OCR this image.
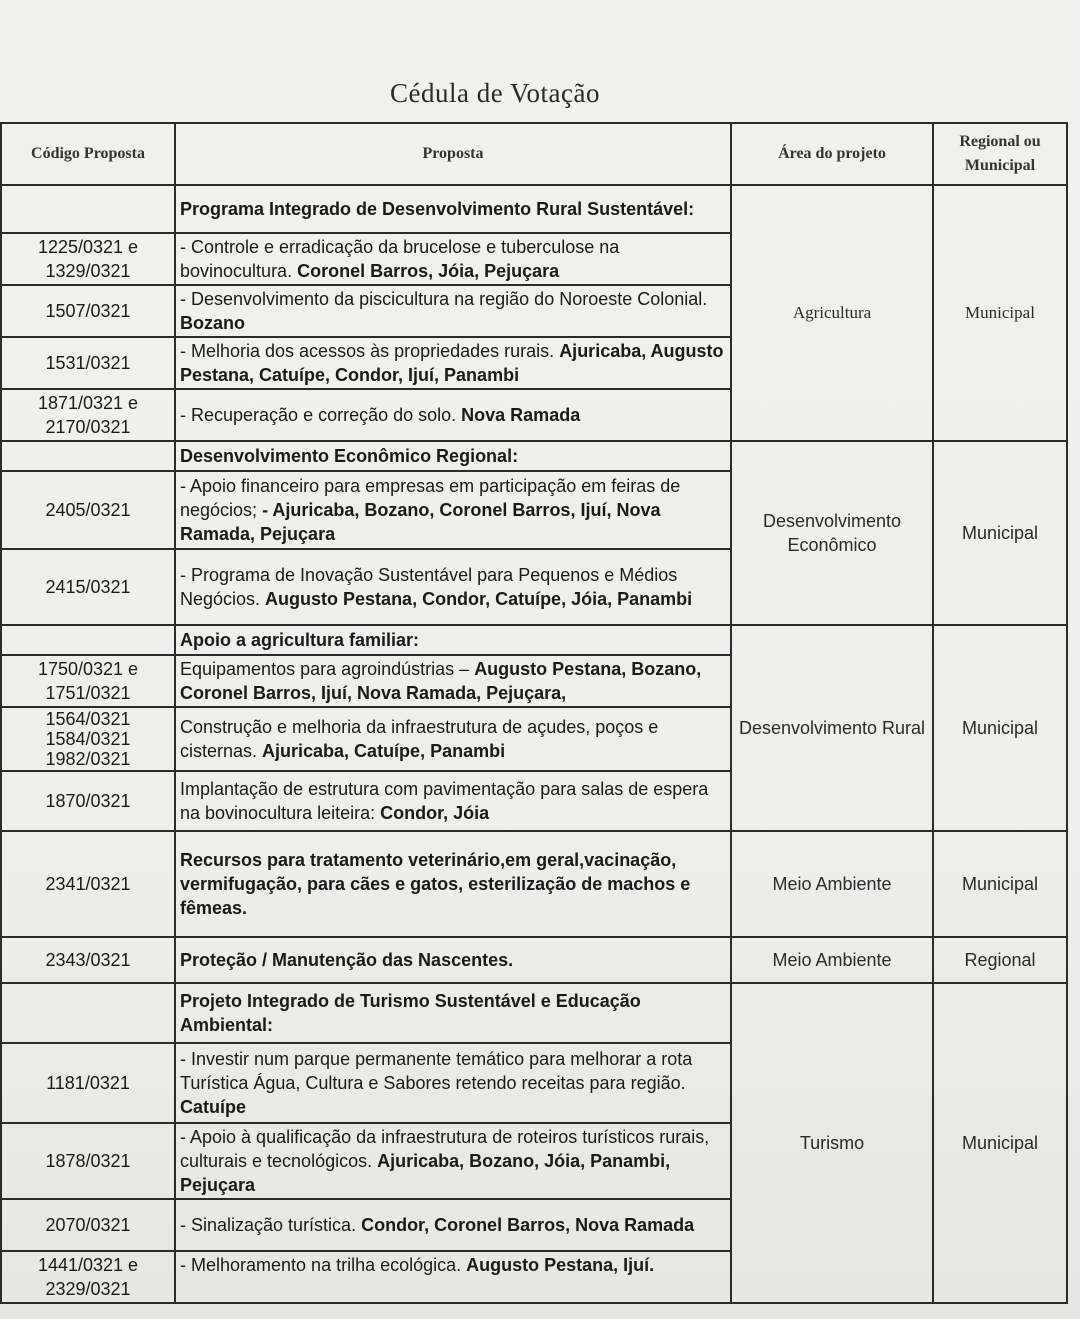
Cédula de Votação
Código Proposta	Proposta	Área do projeto	Regional ou
Municipal

	Programa Integrado de Desenvolvimento Rural Sustentável:	Agricultura	Municipal

1225/0321 e
1329/0321	- Controle e erradicação da brucelose e tuberculose na bovinocultura. Coronel Barros, Jóia, Pejuçara		
1507/0321	- Desenvolvimento da piscicultura na região do Noroeste Colonial. Bozano		
1531/0321	- Melhoria dos acessos às propriedades rurais. Ajuricaba, Augusto Pestana, Catuípe, Condor, Ijuí, Panambi		

1871/0321 e
2170/0321	- Recuperação e correção do solo. Nova Ramada		
	Desenvolvimento Econômico Regional:	Desenvolvimento Econômico	Municipal
2405/0321	- Apoio financeiro para empresas em participação em feiras de negócios; - Ajuricaba, Bozano, Coronel Barros, Ijuí, Nova Ramada, Pejuçara		
2415/0321	- Programa de Inovação Sustentável para Pequenos e Médios Negócios. Augusto Pestana, Condor, Catuípe, Jóia, Panambi		
	Apoio a agricultura familiar:	Desenvolvimento Rural	Municipal

1750/0321 e
1751/0321	Equipamentos para agroindústrias – Augusto Pestana, Bozano, Coronel Barros, Ijuí, Nova Ramada, Pejuçara,		

1564/0321
1584/0321
1982/0321	Construção e melhoria da infraestrutura de açudes, poços e cisternas. Ajuricaba, Catuípe, Panambi		
1870/0321	Implantação de estrutura com pavimentação para salas de espera na bovinocultura leiteira: Condor, Jóia		
2341/0321	Recursos para tratamento veterinário,em geral,vacinação, vermifugação, para cães e gatos, esterilização de machos e fêmeas.	Meio Ambiente	Municipal
2343/0321	Proteção / Manutenção das Nascentes.	Meio Ambiente	Regional
	Projeto Integrado de Turismo Sustentável e Educação Ambiental:	Turismo	Municipal
1181/0321	- Investir num parque permanente temático para melhorar a rota Turística Água, Cultura e Sabores retendo receitas para região. Catuípe		
1878/0321	- Apoio à qualificação da infraestrutura de roteiros turísticos rurais, culturais e tecnológicos. Ajuricaba, Bozano, Jóia, Panambi, Pejuçara		
2070/0321	- Sinalização turística. Condor, Coronel Barros, Nova Ramada		

1441/0321 e
2329/0321	- Melhoramento na trilha ecológica. Augusto Pestana, Ijuí.		
